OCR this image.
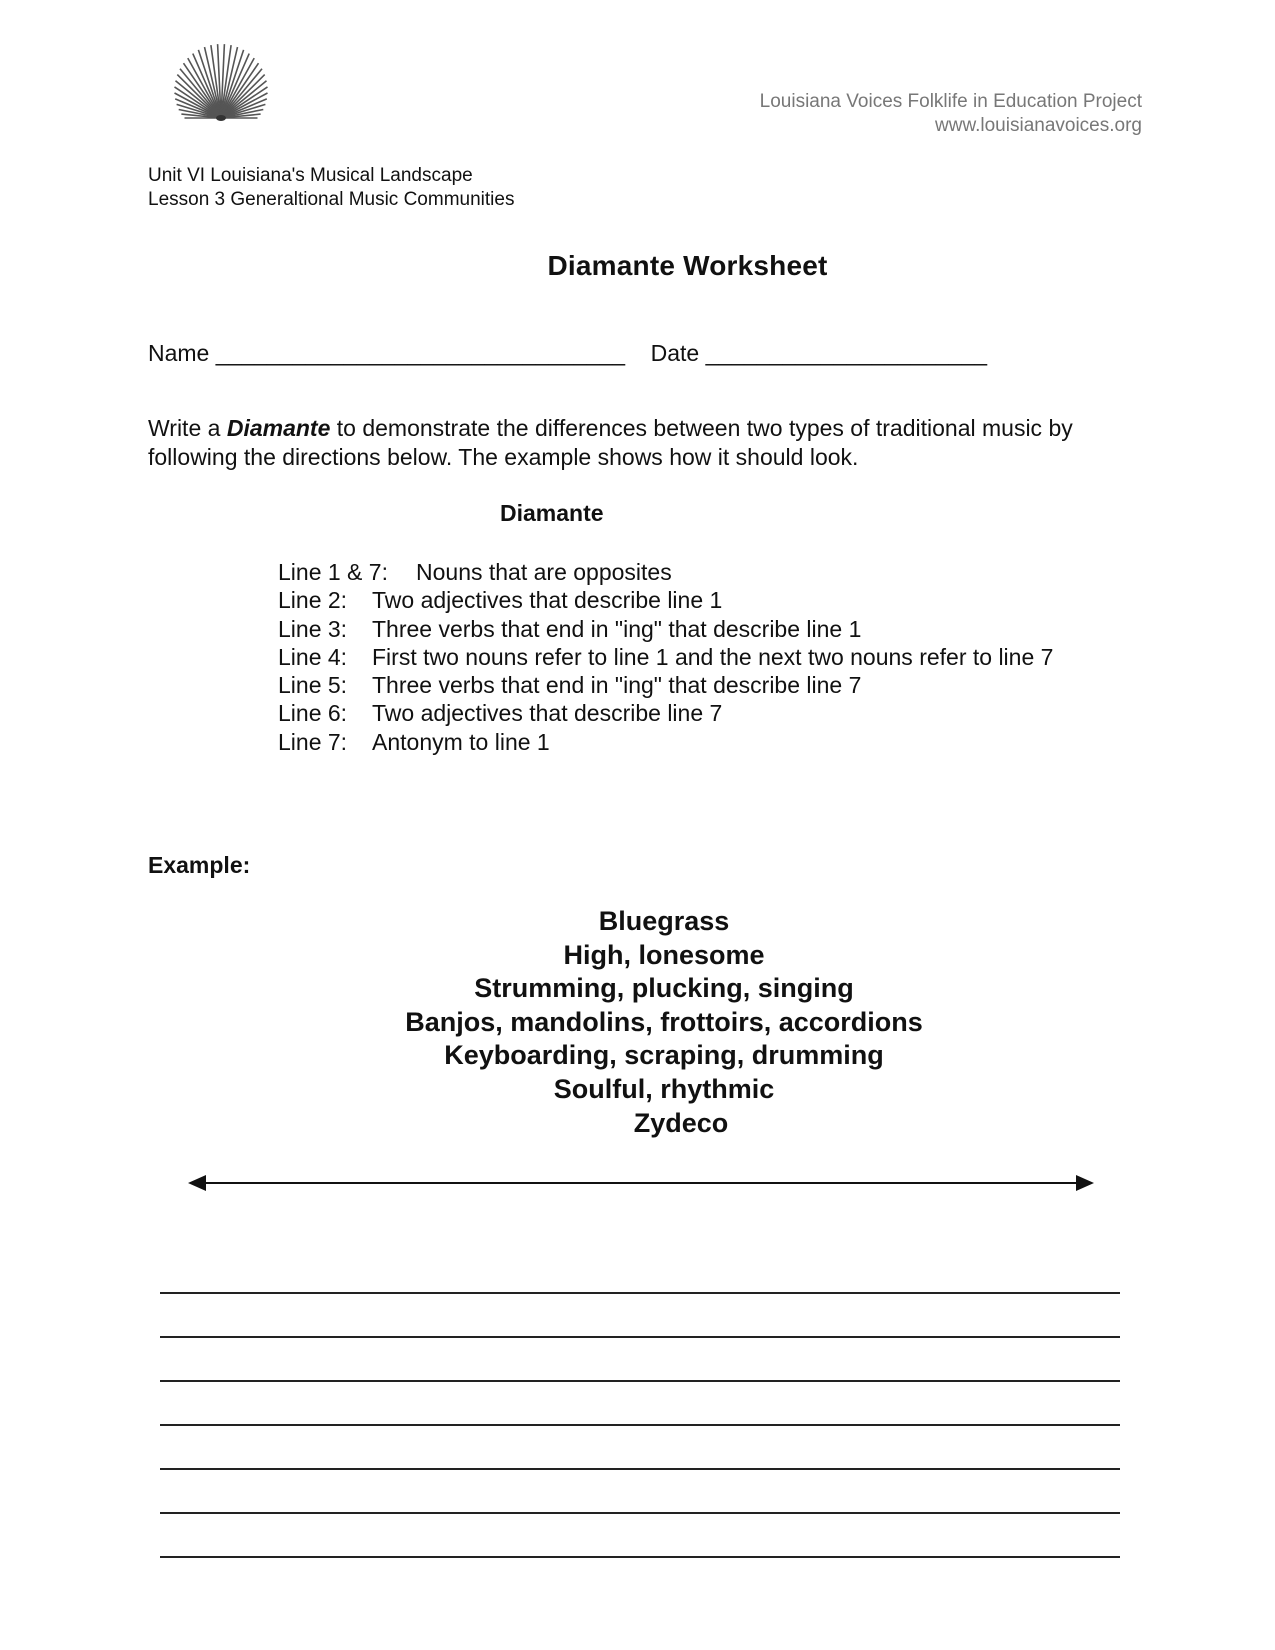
Louisiana Voices Folklife in Education Project
www.louisianavoices.org
Unit VI Louisiana's Musical Landscape
Lesson 3 Generaltional Music Communities
Diamante Worksheet
Name ________________________________ Date ______________________
Write a Diamante to demonstrate the differences between two types of traditional music by following the directions below. The example shows how it should look.
Diamante
Line 1 & 7:	Nouns that are opposites
Line 2:	Two adjectives that describe line 1
Line 3:	Three verbs that end in "ing" that describe line 1
Line 4:	First two nouns refer to line 1 and the next two nouns refer to line 7
Line 5:	Three verbs that end in "ing" that describe line 7
Line 6:	Two adjectives that describe line 7
Line 7:	Antonym to line 1
Example:
Bluegrass
High, lonesome
Strumming, plucking, singing
Banjos, mandolins, frottoirs, accordions
Keyboarding, scraping, drumming
Soulful, rhythmic
Zydeco
